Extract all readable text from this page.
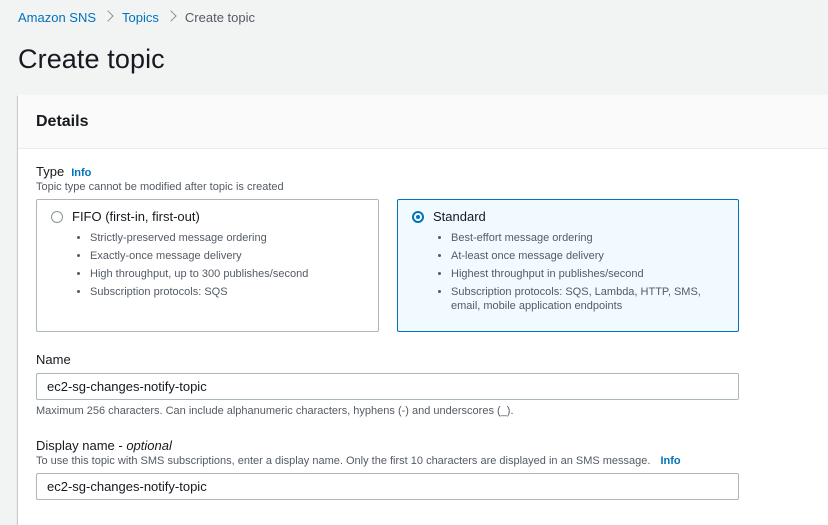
Amazon SNS Topics Create topic
Create topic
Details
Type Info
Topic type cannot be modified after topic is created
FIFO (first-in, first-out)
• Strictly-preserved message ordering
• Exactly-once message delivery
• High throughput, up to 300 publishes/second
• Subscription protocols: SQS
Standard
• Best-effort message ordering
• At-least once message delivery
• Highest throughput in publishes/second
• Subscription protocols: SQS, Lambda, HTTP, SMS, email, mobile application endpoints
Name
ec2-sg-changes-notify-topic
Maximum 256 characters. Can include alphanumeric characters, hyphens (-) and underscores (_).
Display name - optional
To use this topic with SMS subscriptions, enter a display name. Only the first 10 characters are displayed in an SMS message. Info
ec2-sg-changes-notify-topic
